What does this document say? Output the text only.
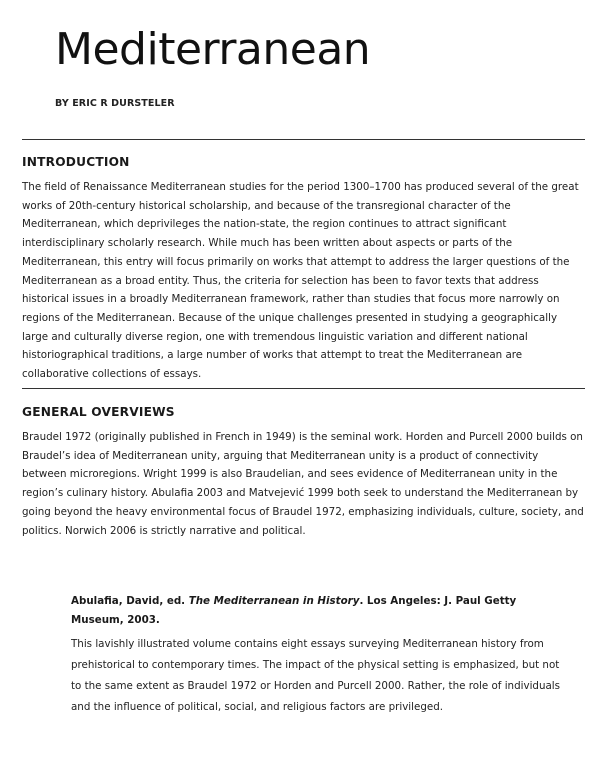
Mediterranean
BY ERIC R DURSTELER
INTRODUCTION

The field of Renaissance Mediterranean studies for the period 1300–1700 has produced several of the great works of 20th-century historical scholarship, and because of the transregional character of the Mediterranean, which deprivileges the nation-state, the region continues to attract significant interdisciplinary scholarly research. While much has been written about aspects or parts of the Mediterranean, this entry will focus primarily on works that attempt to address the larger questions of the Mediterranean as a broad entity. Thus, the criteria for selection has been to favor texts that address historical issues in a broadly Mediterranean framework, rather than studies that focus more narrowly on regions of the Mediterranean. Because of the unique challenges presented in studying a geographically large and culturally diverse region, one with tremendous linguistic variation and different national historiographical traditions, a large number of works that attempt to treat the Mediterranean are collaborative collections of essays.

GENERAL OVERVIEWS

Braudel 1972 (originally published in French in 1949) is the seminal work. Horden and Purcell 2000 builds on Braudel’s idea of Mediterranean unity, arguing that Mediterranean unity is a product of connectivity between microregions. Wright 1999 is also Braudelian, and sees evidence of Mediterranean unity in the region’s culinary history. Abulafia 2003 and Matvejević 1999 both seek to understand the Mediterranean by going beyond the heavy environmental focus of Braudel 1972, emphasizing individuals, culture, society, and politics. Norwich 2006 is strictly narrative and political.

Abulafia, David, ed. The Mediterranean in History. Los Angeles: J. Paul Getty Museum, 2003.

This lavishly illustrated volume contains eight essays surveying Mediterranean history from prehistorical to contemporary times. The impact of the physical setting is emphasized, but not to the same extent as Braudel 1972 or Horden and Purcell 2000. Rather, the role of individuals and the influence of political, social, and religious factors are privileged.
